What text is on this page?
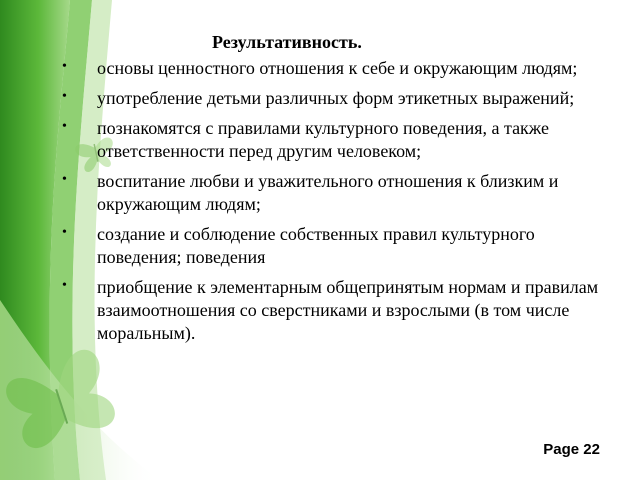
Результативность.
• основы ценностного отношения к себе и окружающим людям;
• употребление детьми различных форм этикетных выражений;
• познакомятся с правилами культурного поведения, а также ответственности перед другим человеком;
• воспитание любви и уважительного отношения к близким и окружающим людям;
• создание и соблюдение собственных правил культурного поведения; поведения
• приобщение к элементарным общепринятым нормам и правилам взаимоотношения со сверстниками и взрослыми (в том числе моральным).
Page 22
